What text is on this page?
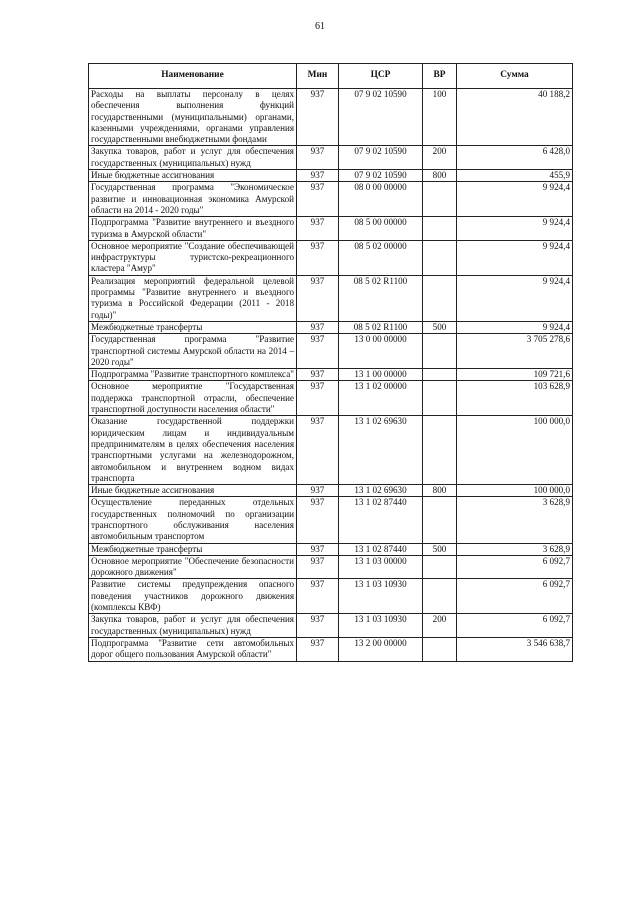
61
Наименование	Мин	ЦСР	ВР	Сумма
Расходы на выплаты персоналу в целях обеспечения выполнения функций государственными (муниципальными) органами, казенными учреждениями, органами управления государственными внебюджетными фондами	937	07 9 02 10590	100	40 188,2
Закупка товаров, работ и услуг для обеспечения государственных (муниципальных) нужд	937	07 9 02 10590	200	6 428,0
Иные бюджетные ассигнования	937	07 9 02 10590	800	455,9
Государственная программа "Экономическое развитие и инновационная экономика Амурской области на 2014 - 2020 годы"	937	08 0 00 00000		9 924,4
Подпрограмма "Развитие внутреннего и въездного туризма в Амурской области"	937	08 5 00 00000		9 924,4
Основное мероприятие "Создание обеспечивающей инфраструктуры туристско-рекреационного кластера "Амур"	937	08 5 02 00000		9 924,4
Реализация мероприятий федеральной целевой программы "Развитие внутреннего и въездного туризма в Российской Федерации (2011 - 2018 годы)"	937	08 5 02 R1100		9 924,4
Межбюджетные трансферты	937	08 5 02 R1100	500	9 924,4
Государственная программа "Развитие транспортной системы Амурской области на 2014 – 2020 годы"	937	13 0 00 00000		3 705 278,6
Подпрограмма "Развитие транспортного комплекса"	937	13 1 00 00000		109 721,6
Основное мероприятие "Государственная поддержка транспортной отрасли, обеспечение транспортной доступности населения области"	937	13 1 02 00000		103 628,9
Оказание государственной поддержки юридическим лицам и индивидуальным предпринимателям в целях обеспечения населения транспортными услугами на железнодорожном, автомобильном и внутреннем водном видах транспорта	937	13 1 02 69630		100 000,0
Иные бюджетные ассигнования	937	13 1 02 69630	800	100 000,0
Осуществление переданных отдельных государственных полномочий по организации транспортного обслуживания населения автомобильным транспортом	937	13 1 02 87440		3 628,9
Межбюджетные трансферты	937	13 1 02 87440	500	3 628,9
Основное мероприятие "Обеспечение безопасности дорожного движения"	937	13 1 03 00000		6 092,7
Развитие системы предупреждения опасного поведения участников дорожного движения (комплексы КВФ)	937	13 1 03 10930		6 092,7
Закупка товаров, работ и услуг для обеспечения государственных (муниципальных) нужд	937	13 1 03 10930	200	6 092,7
Подпрограмма "Развитие сети автомобильных дорог общего пользования Амурской области"	937	13 2 00 00000		3 546 638,7
